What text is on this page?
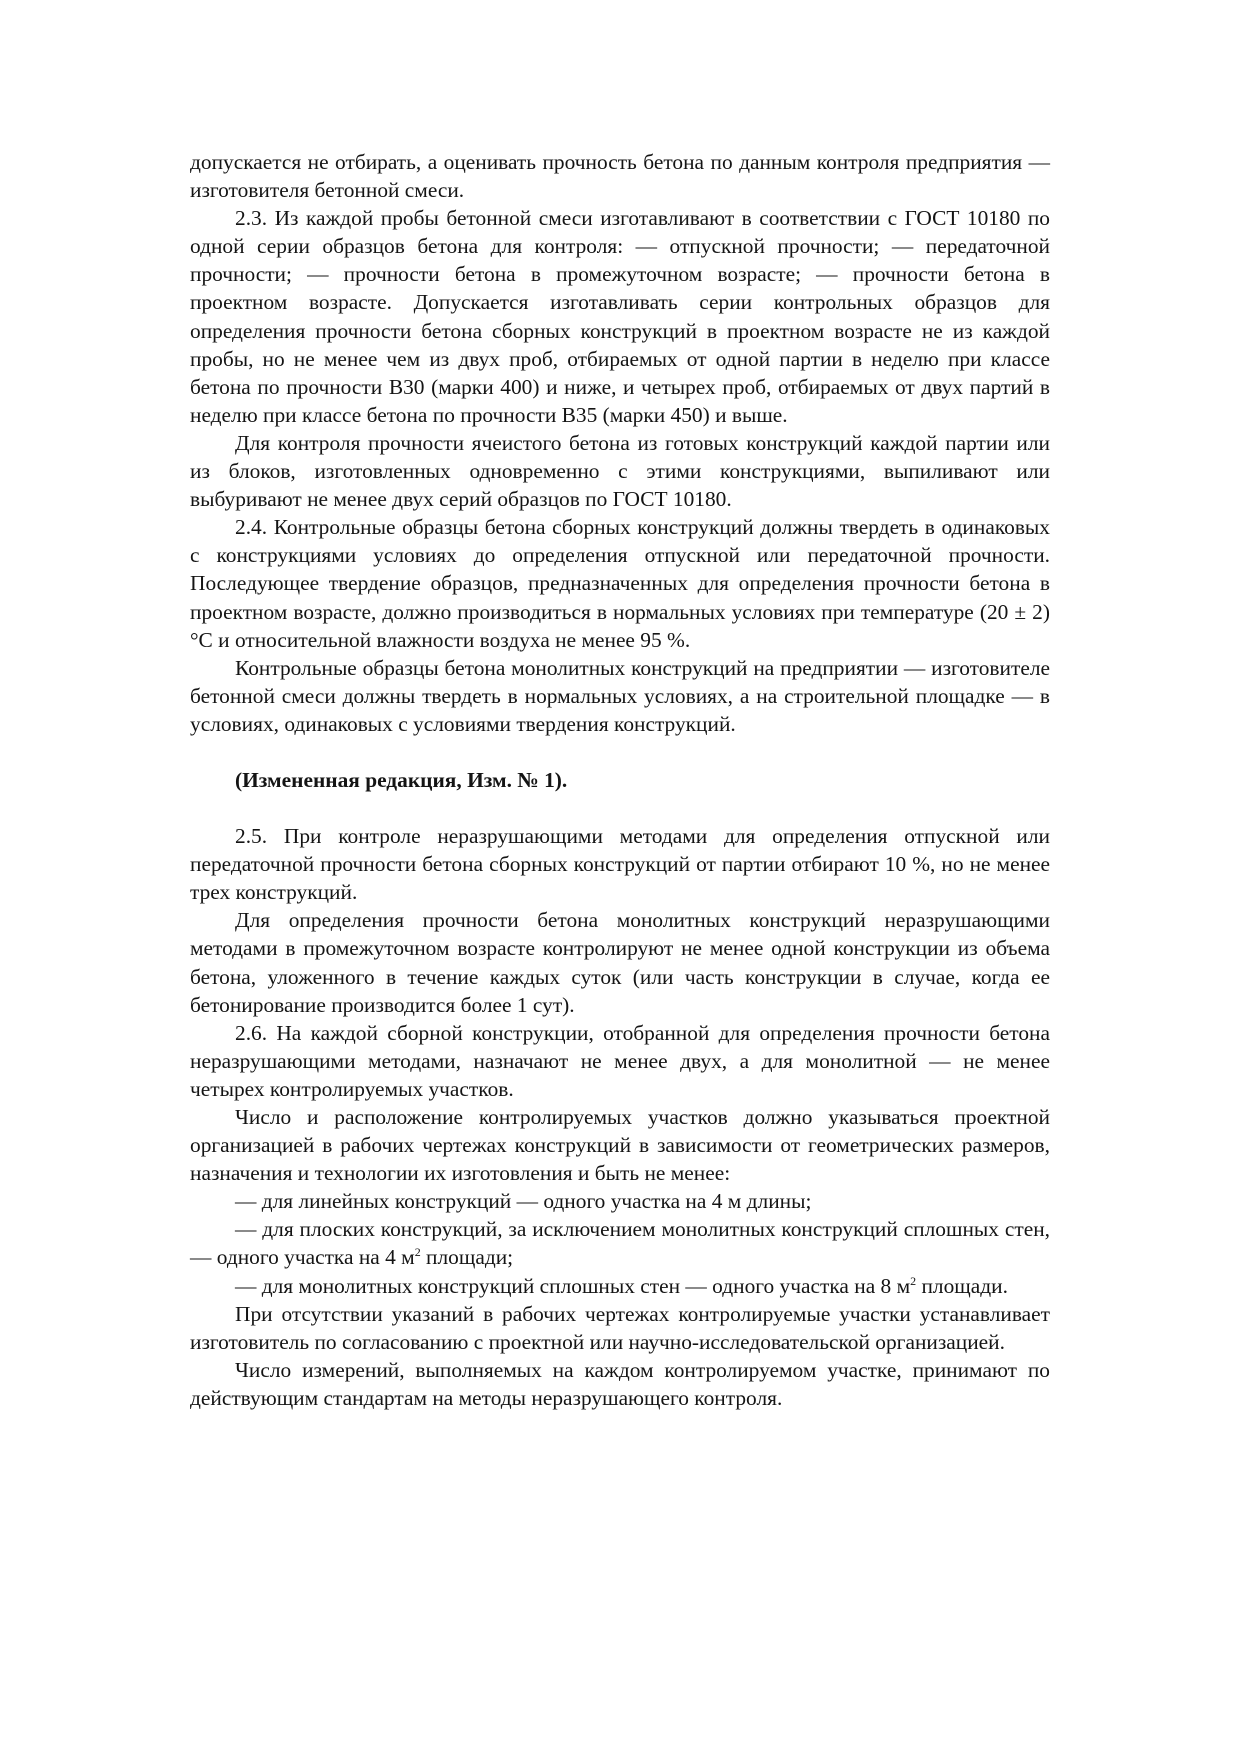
допускается не отбирать, а оценивать прочность бетона по данным контроля предприятия — изготовителя бетонной смеси.

2.3. Из каждой пробы бетонной смеси изготавливают в соответствии с ГОСТ 10180 по одной серии образцов бетона для контроля: — отпускной прочности; — передаточной прочности; — прочности бетона в промежуточном возрасте; — прочности бетона в проектном возрасте. Допускается изготавливать серии контрольных образцов для определения прочности бетона сборных конструкций в проектном возрасте не из каждой пробы, но не менее чем из двух проб, отбираемых от одной партии в неделю при классе бетона по прочности В30 (марки 400) и ниже, и четырех проб, отбираемых от двух партий в неделю при классе бетона по прочности В35 (марки 450) и выше.

Для контроля прочности ячеистого бетона из готовых конструкций каждой партии или из блоков, изготовленных одновременно с этими конструкциями, выпиливают или выбуривают не менее двух серий образцов по ГОСТ 10180.

2.4. Контрольные образцы бетона сборных конструкций должны твердеть в одинаковых с конструкциями условиях до определения отпускной или передаточной прочности. Последующее твердение образцов, предназначенных для определения прочности бетона в проектном возрасте, должно производиться в нормальных условиях при температуре (20 ± 2)°С и относительной влажности воздуха не менее 95 %.

Контрольные образцы бетона монолитных конструкций на предприятии — изготовителе бетонной смеси должны твердеть в нормальных условиях, а на строительной площадке — в условиях, одинаковых с условиями твердения конструкций.

(Измененная редакция, Изм. № 1).

2.5. При контроле неразрушающими методами для определения отпускной или передаточной прочности бетона сборных конструкций от партии отбирают 10 %, но не менее трех конструкций.

Для определения прочности бетона монолитных конструкций неразрушающими методами в промежуточном возрасте контролируют не менее одной конструкции из объема бетона, уложенного в течение каждых суток (или часть конструкции в случае, когда ее бетонирование производится более 1 сут).

2.6. На каждой сборной конструкции, отобранной для определения прочности бетона неразрушающими методами, назначают не менее двух, а для монолитной — не менее четырех контролируемых участков.

Число и расположение контролируемых участков должно указываться проектной организацией в рабочих чертежах конструкций в зависимости от геометрических размеров, назначения и технологии их изготовления и быть не менее:

— для линейных конструкций — одного участка на 4 м длины;

— для плоских конструкций, за исключением монолитных конструкций сплошных стен, — одного участка на 4 $м^2$ площади;

— для монолитных конструкций сплошных стен — одного участка на 8 $м^2$ площади.

При отсутствии указаний в рабочих чертежах контролируемые участки устанавливает изготовитель по согласованию с проектной или научно-исследовательской организацией.

Число измерений, выполняемых на каждом контролируемом участке, принимают по действующим стандартам на методы неразрушающего контроля.
